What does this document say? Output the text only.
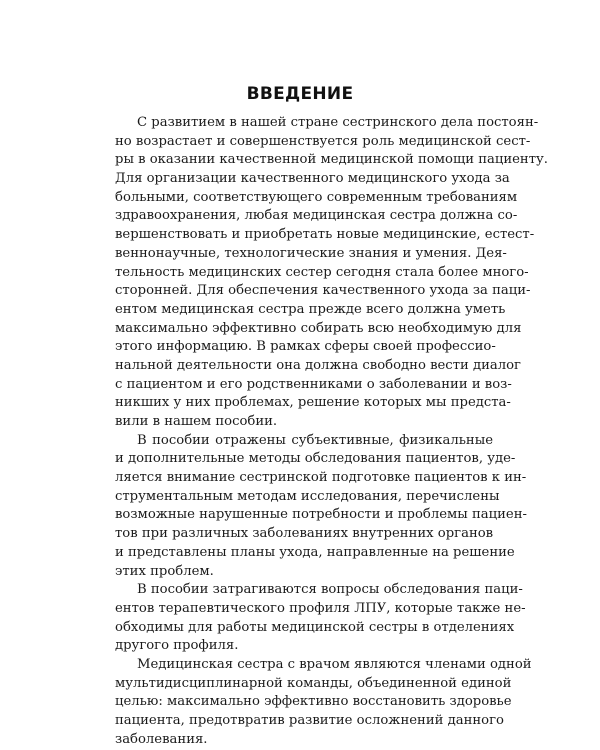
ВВЕДЕНИЕ

С развитием в нашей стране сестринского дела постоян-
но возрастает и совершенствуется роль медицинской сест-
ры в оказании качественной медицинской помощи пациенту.
Для организации качественного медицинского ухода за
больными, соответствующего современным требованиям
здравоохранения, любая медицинская сестра должна со-
вершенствовать и приобретать новые медицинские, естест-
веннонаучные, технологические знания и умения. Дея-
тельность медицинских сестер сегодня стала более много-
сторонней. Для обеспечения качественного ухода за паци-
ентом медицинская сестра прежде всего должна уметь
максимально эффективно собирать всю необходимую для
этого информацию. В рамках сферы своей профессио-
нальной деятельности она должна свободно вести диалог
с пациентом и его родственниками о заболевании и воз-
никших у них проблемах, решение которых мы предста-
вили в нашем пособии.

В пособии отражены субъективные, физикальные
и дополнительные методы обследования пациентов, уде-
ляется внимание сестринской подготовке пациентов к ин-
струментальным методам исследования, перечислены
возможные нарушенные потребности и проблемы пациен-
тов при различных заболеваниях внутренних органов
и представлены планы ухода, направленные на решение
этих проблем.

В пособии затрагиваются вопросы обследования паци-
ентов терапевтического профиля ЛПУ, которые также не-
обходимы для работы медицинской сестры в отделениях
другого профиля.

Медицинская сестра с врачом являются членами одной
мультидисциплинарной команды, объединенной единой
целью: максимально эффективно восстановить здоровье
пациента, предотвратив развитие осложнений данного
заболевания.
